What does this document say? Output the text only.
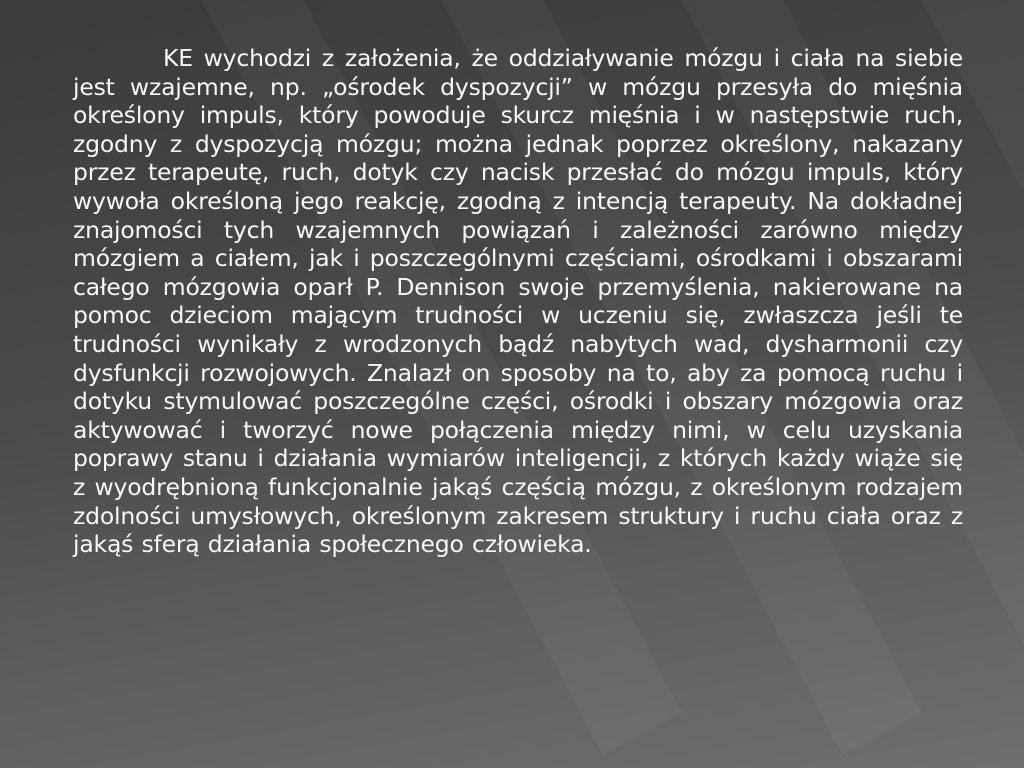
KE wychodzi z założenia, że oddziaływanie mózgu i ciała na siebie jest wzajemne, np. „ośrodek dyspozycji” w mózgu przesyła do mięśnia określony impuls, który powoduje skurcz mięśnia i w następstwie ruch, zgodny z dyspozycją mózgu; można jednak poprzez określony, nakazany przez terapeutę, ruch, dotyk czy nacisk przesłać do mózgu impuls, który wywoła określoną jego reakcję, zgodną z intencją terapeuty. Na dokładnej znajomości tych wzajemnych powiązań i zależności zarówno między mózgiem a ciałem, jak i poszczególnymi częściami, ośrodkami i obszarami całego mózgowia oparł P. Dennison swoje przemyślenia, nakierowane na pomoc dzieciom mającym trudności w uczeniu się, zwłaszcza jeśli te trudności wynikały z wrodzonych bądź nabytych wad, dysharmonii czy dysfunkcji rozwojowych. Znalazł on sposoby na to, aby za pomocą ruchu i dotyku stymulować poszczególne części, ośrodki i obszary mózgowia oraz aktywować i tworzyć nowe połączenia między nimi, w celu uzyskania poprawy stanu i działania wymiarów inteligencji, z których każdy wiąże się z wyodrębnioną funkcjonalnie jakąś częścią mózgu, z określonym rodzajem zdolności umysłowych, określonym zakresem struktury i ruchu ciała oraz z jakąś sferą działania społecznego człowieka.
